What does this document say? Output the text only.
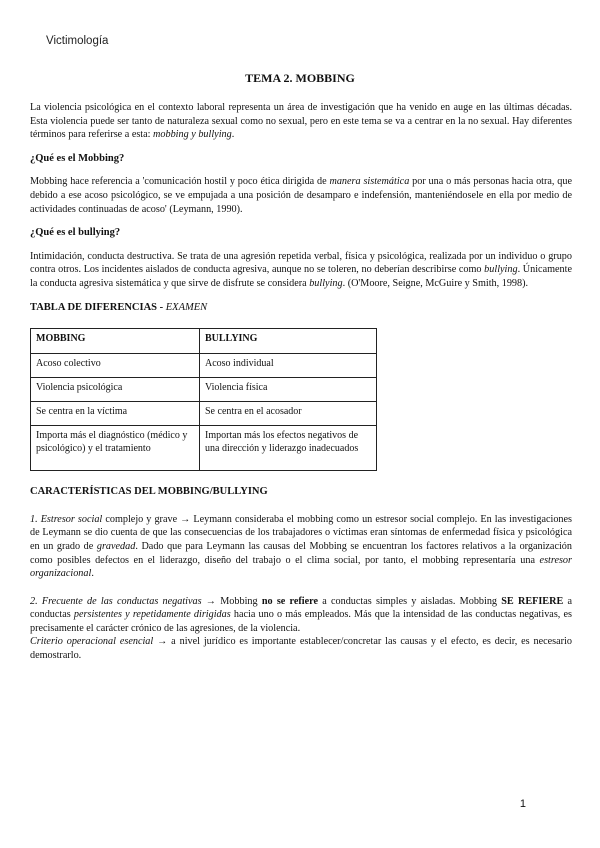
Victimología
TEMA 2. MOBBING

La violencia psicológica en el contexto laboral representa un área de investigación que ha venido en auge en las últimas décadas. Esta violencia puede ser tanto de naturaleza sexual como no sexual, pero en este tema se va a centrar en la no sexual. Hay diferentes términos para referirse a esta: mobbing y bullying.

¿Qué es el Mobbing?

Mobbing hace referencia a 'comunicación hostil y poco ética dirigida de manera sistemática por una o más personas hacia otra, que debido a ese acoso psicológico, se ve empujada a una posición de desamparo e indefensión, manteniéndosele en ella por medio de actividades continuadas de acoso' (Leymann, 1990).

¿Qué es el bullying?

Intimidación, conducta destructiva. Se trata de una agresión repetida verbal, física y psicológica, realizada por un individuo o grupo contra otros. Los incidentes aislados de conducta agresiva, aunque no se toleren, no deberían describirse como bullying. Únicamente la conducta agresiva sistemática y que sirve de disfrute se considera bullying. (O'Moore, Seigne, McGuire y Smith, 1998).

TABLA DE DIFERENCIAS - EXAMEN

MOBBING	BULLYING
Acoso colectivo	Acoso individual
Violencia psicológica	Violencia física
Se centra en la víctima	Se centra en el acosador
Importa más el diagnóstico (médico y psicológico) y el tratamiento	Importan más los efectos negativos de una dirección y liderazgo inadecuados

CARACTERÍSTICAS DEL MOBBING/BULLYING

1. Estresor social complejo y grave → Leymann consideraba el mobbing como un estresor social complejo. En las investigaciones de Leymann se dio cuenta de que las consecuencias de los trabajadores o víctimas eran síntomas de enfermedad física y psicológica en un grado de gravedad. Dado que para Leymann las causas del Mobbing se encuentran los factores relativos a la organización como posibles defectos en el liderazgo, diseño del trabajo o el clima social, por tanto, el mobbing representaría una estresor organizacional.

2. Frecuente de las conductas negativas → Mobbing no se refiere a conductas simples y aisladas. Mobbing SE REFIERE a conductas persistentes y repetidamente dirigidas hacia uno o más empleados. Más que la intensidad de las conductas negativas, es precisamente el carácter crónico de las agresiones, de la violencia.

Criterio operacional esencial → a nivel jurídico es importante establecer/concretar las causas y el efecto, es decir, es necesario demostrarlo.

1
